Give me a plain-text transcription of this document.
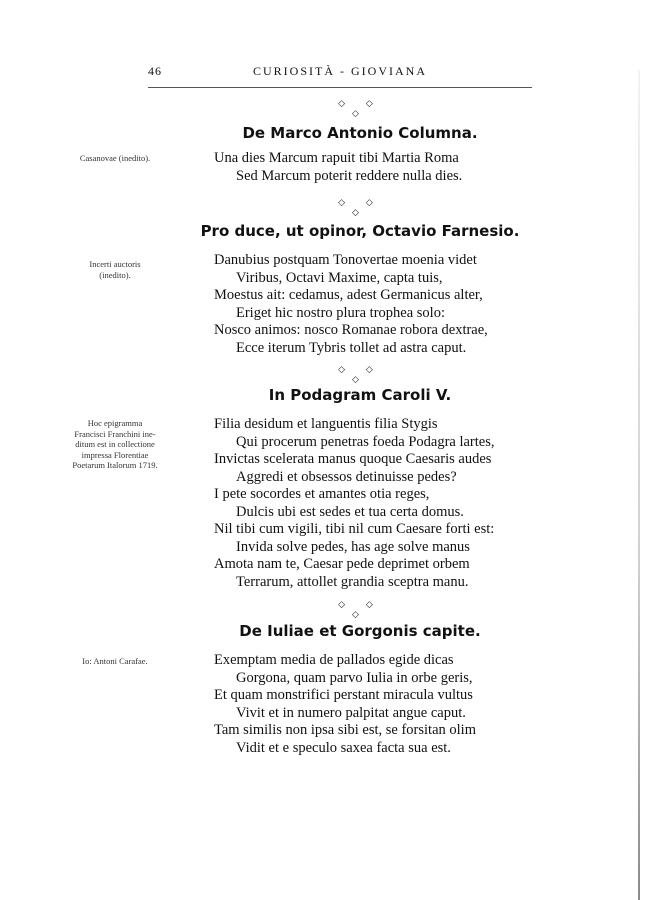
46	CURIOSITÀ - GIOVIANA
◇ ◇ ◇
De Marco Antonio Columna.
Casanovae (inedito).	Una dies Marcum rapuit tibi Martia Roma
Sed Marcum poterit reddere nulla dies.
◇ ◇ ◇
Pro duce, ut opinor, Octavio Farnesio.
Incerti auctoris
(inedito).
Danubius postquam Tonovertae moenia videt
Viribus, Octavi Maxime, capta tuis,
Moestus ait: cedamus, adest Germanicus alter,
Eriget hic nostro plura trophea solo:
Nosco animos: nosco Romanae robora dextrae,
Ecce iterum Tybris tollet ad astra caput.
◇ ◇ ◇
In Podagram Caroli V.
Hoc epigramma
Francisci Franchini ine-
ditum est in collectione
impressa Florentiae
Poetarum Italorum 1719.
Filia desidum et languentis filia Stygis
Qui procerum penetras foeda Podagra lartes,
Invictas scelerata manus quoque Caesaris audes
Aggredi et obsessos detinuisse pedes?
I pete socordes et amantes otia reges,
Dulcis ubi est sedes et tua certa domus.
Nil tibi cum vigili, tibi nil cum Caesare forti est:
Invida solve pedes, has age solve manus
Amota nam te, Caesar pede deprimet orbem
Terrarum, attollet grandia sceptra manu.
◇ ◇ ◇
De Iuliae et Gorgonis capite.
Io: Antoni Carafae.	Exemptam media de pallados egide dicas
Gorgona, quam parvo Iulia in orbe geris,
Et quam monstrifici perstant miracula vultus
Vivit et in numero palpitat angue caput.
Tam similis non ipsa sibi est, se forsitan olim
Vidit et e speculo saxea facta sua est.
